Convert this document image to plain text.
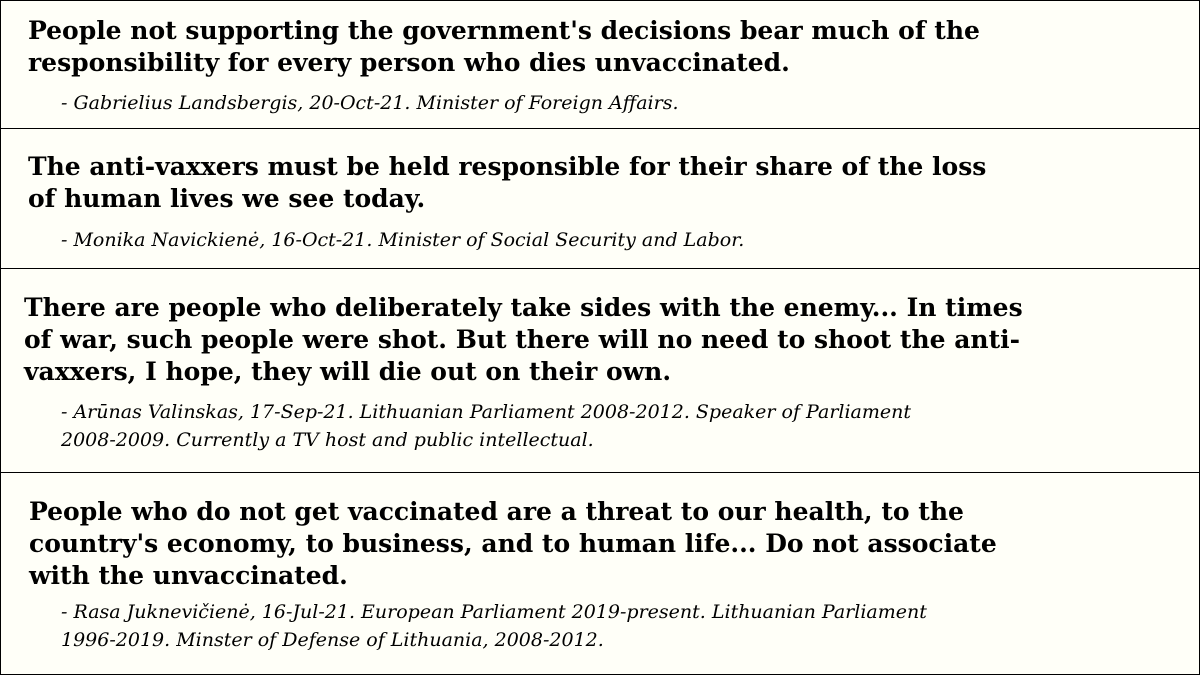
People not supporting the government's decisions bear much of the
responsibility for every person who dies unvaccinated.

- Gabrielius Landsbergis, 20-Oct-21. Minister of Foreign Affairs.

The anti-vaxxers must be held responsible for their share of the loss
of human lives we see today.

- Monika Navickienė, 16-Oct-21. Minister of Social Security and Labor.

There are people who deliberately take sides with the enemy... In times
of war, such people were shot. But there will no need to shoot the anti-
vaxxers, I hope, they will die out on their own.

- Arūnas Valinskas, 17-Sep-21. Lithuanian Parliament 2008-2012. Speaker of Parliament
2008-2009. Currently a TV host and public intellectual.

People who do not get vaccinated are a threat to our health, to the
country's economy, to business, and to human life... Do not associate
with the unvaccinated.

- Rasa Juknevičienė, 16-Jul-21. European Parliament 2019-present. Lithuanian Parliament
1996-2019. Minster of Defense of Lithuania, 2008-2012.
